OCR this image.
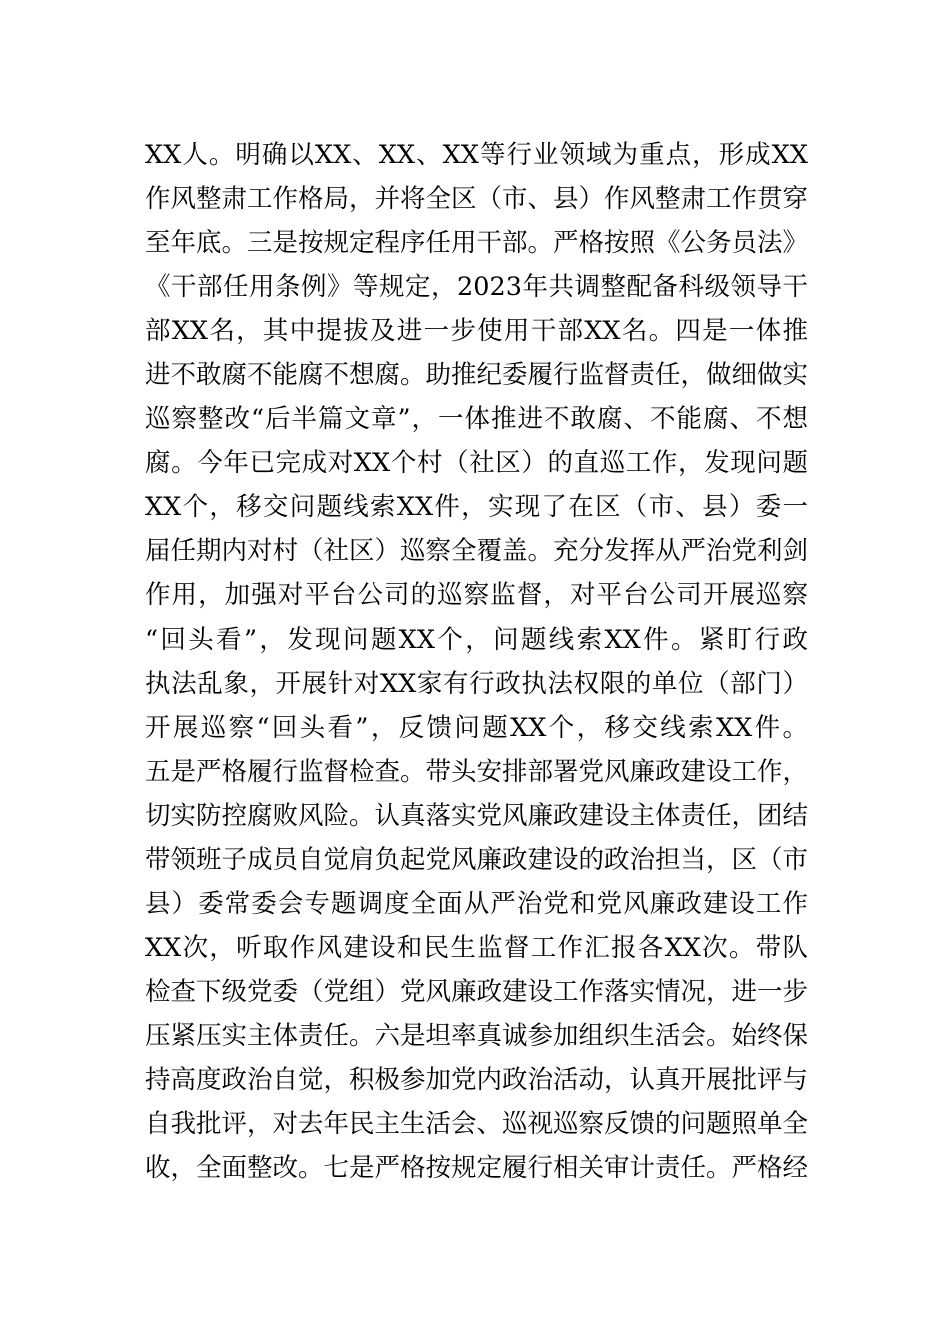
XX人。明确以XX、XX、XX等行业领域为重点，形成XX
作风整肃工作格局，并将全区（市、县）作风整肃工作贯穿
至年底。三是按规定程序任用干部。严格按照《公务员法》
《干部任用条例》等规定，2023年共调整配备科级领导干
部XX名，其中提拔及进一步使用干部XX名。四是一体推
进不敢腐不能腐不想腐。助推纪委履行监督责任，做细做实
巡察整改“后半篇文章”，一体推进不敢腐、不能腐、不想
腐。今年已完成对XX个村（社区）的直巡工作，发现问题
XX个，移交问题线索XX件，实现了在区（市、县）委一
届任期内对村（社区）巡察全覆盖。充分发挥从严治党利剑
作用，加强对平台公司的巡察监督，对平台公司开展巡察
“回头看”，发现问题XX个，问题线索XX件。紧盯行政
执法乱象，开展针对XX家有行政执法权限的单位（部门）
开展巡察“回头看”，反馈问题XX个，移交线索XX件。
五是严格履行监督检查。带头安排部署党风廉政建设工作，
切实防控腐败风险。认真落实党风廉政建设主体责任，团结
带领班子成员自觉肩负起党风廉政建设的政治担当，区（市
县）委常委会专题调度全面从严治党和党风廉政建设工作
XX次，听取作风建设和民生监督工作汇报各XX次。带队
检查下级党委（党组）党风廉政建设工作落实情况，进一步
压紧压实主体责任。六是坦率真诚参加组织生活会。始终保
持高度政治自觉，积极参加党内政治活动，认真开展批评与
自我批评，对去年民主生活会、巡视巡察反馈的问题照单全
收，全面整改。七是严格按规定履行相关审计责任。严格经
